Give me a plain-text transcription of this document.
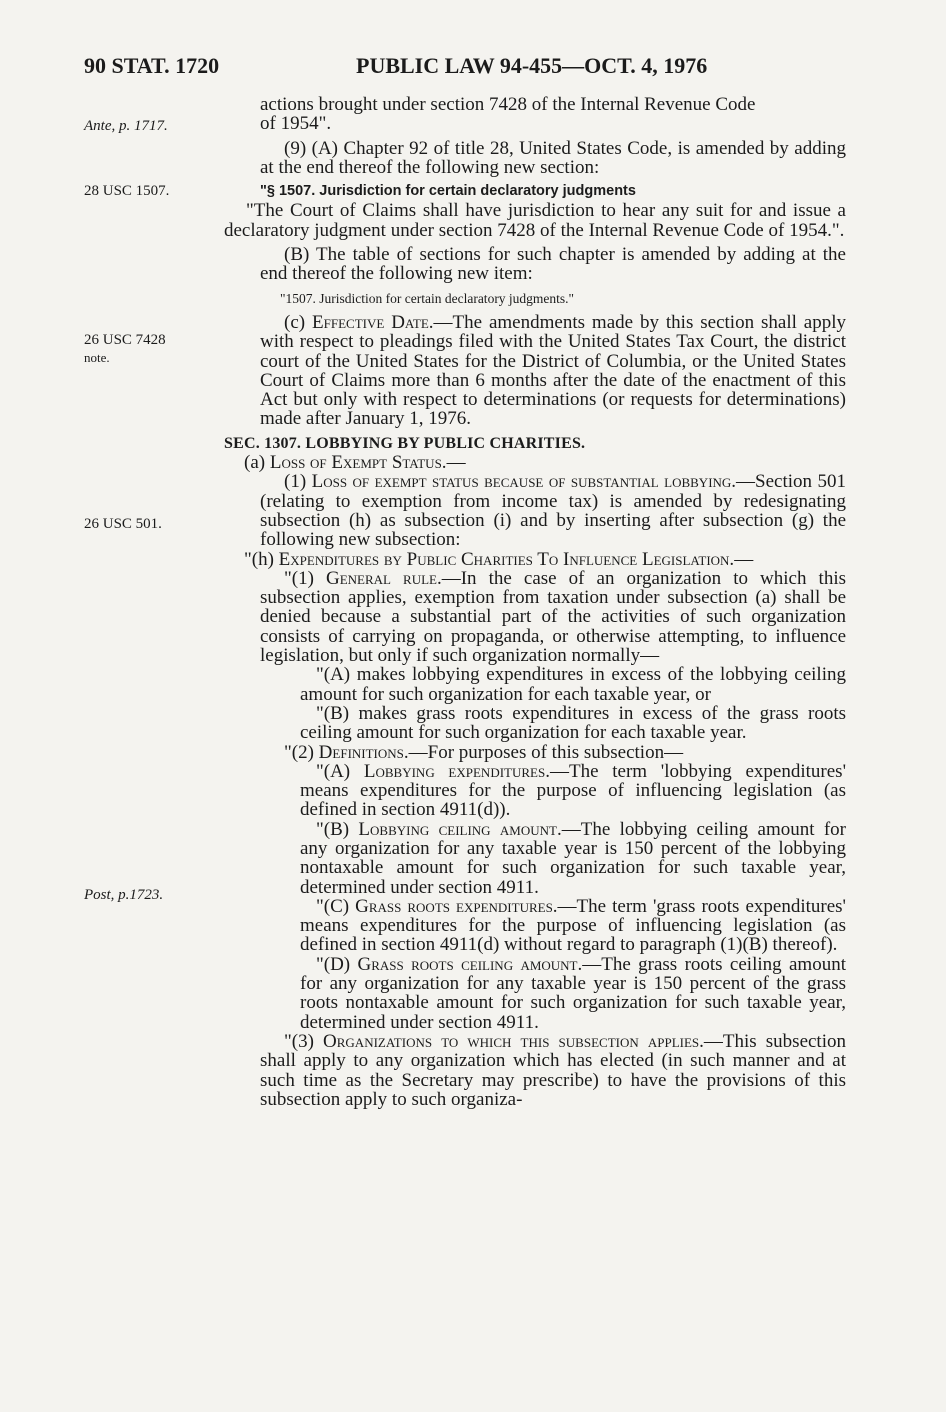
90 STAT. 1720	PUBLIC LAW 94-455—OCT. 4, 1976
Ante, p. 1717.
28 USC 1507.
26 USC 7428
note.
26 USC 501.
Post, p.1723.

actions brought under section 7428 of the Internal Revenue Code
of 1954".

(9) (A) Chapter 92 of title 28, United States Code, is amended by adding at the end thereof the following new section:

"§ 1507. Jurisdiction for certain declaratory judgments

"The Court of Claims shall have jurisdiction to hear any suit for and issue a declaratory judgment under section 7428 of the Internal Revenue Code of 1954.".

(B) The table of sections for such chapter is amended by adding at the end thereof the following new item:

"1507. Jurisdiction for certain declaratory judgments."

(c) Effective Date.—The amendments made by this section shall apply with respect to pleadings filed with the United States Tax Court, the district court of the United States for the District of Columbia, or the United States Court of Claims more than 6 months after the date of the enactment of this Act but only with respect to determinations (or requests for determinations) made after January 1, 1976.

SEC. 1307. LOBBYING BY PUBLIC CHARITIES.

(a) Loss of Exempt Status.—

(1) Loss of exempt status because of substantial lobbying.—Section 501 (relating to exemption from income tax) is amended by redesignating subsection (h) as subsection (i) and by inserting after subsection (g) the following new subsection:

"(h) Expenditures by Public Charities To Influence Legislation.—

"(1) General rule.—In the case of an organization to which this subsection applies, exemption from taxation under subsection (a) shall be denied because a substantial part of the activities of such organization consists of carrying on propaganda, or otherwise attempting, to influence legislation, but only if such organization normally—

"(A) makes lobbying expenditures in excess of the lobbying ceiling amount for such organization for each taxable year, or

"(B) makes grass roots expenditures in excess of the grass roots ceiling amount for such organization for each taxable year.

"(2) Definitions.—For purposes of this subsection—

"(A) Lobbying expenditures.—The term 'lobbying expenditures' means expenditures for the purpose of influencing legislation (as defined in section 4911(d)).

"(B) Lobbying ceiling amount.—The lobbying ceiling amount for any organization for any taxable year is 150 percent of the lobbying nontaxable amount for such organization for such taxable year, determined under section 4911.

"(C) Grass roots expenditures.—The term 'grass roots expenditures' means expenditures for the purpose of influencing legislation (as defined in section 4911(d) without regard to paragraph (1)(B) thereof).

"(D) Grass roots ceiling amount.—The grass roots ceiling amount for any organization for any taxable year is 150 percent of the grass roots nontaxable amount for such organization for such taxable year, determined under section 4911.

"(3) Organizations to which this subsection applies.—This subsection shall apply to any organization which has elected (in such manner and at such time as the Secretary may prescribe) to have the provisions of this subsection apply to such organiza-
